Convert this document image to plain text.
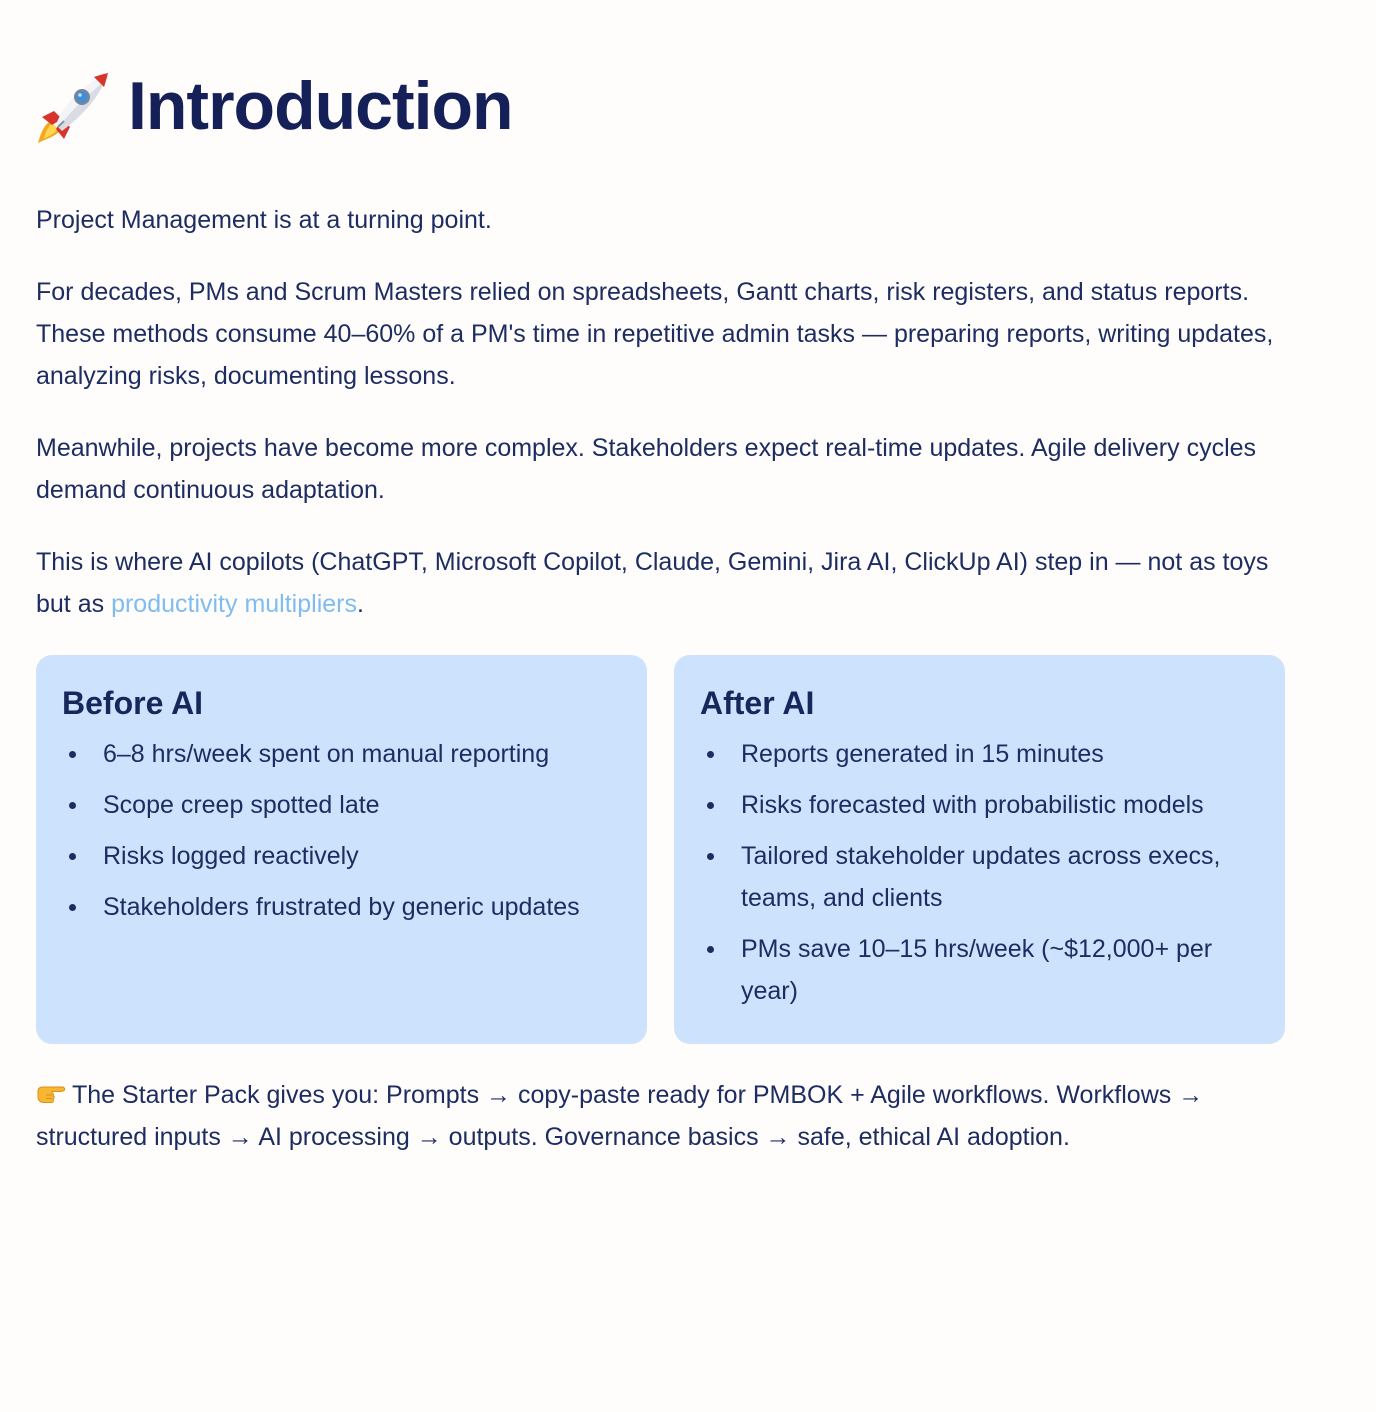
Introduction

Project Management is at a turning point.

For decades, PMs and Scrum Masters relied on spreadsheets, Gantt charts, risk registers, and status reports. These methods consume 40–60% of a PM's time in repetitive admin tasks — preparing reports, writing updates, analyzing risks, documenting lessons.

Meanwhile, projects have become more complex. Stakeholders expect real-time updates. Agile delivery cycles demand continuous adaptation.

This is where AI copilots (ChatGPT, Microsoft Copilot, Claude, Gemini, Jira AI, ClickUp AI) step in — not as toys but as productivity multipliers.

Before AI
6–8 hrs/week spent on manual reporting
Scope creep spotted late
Risks logged reactively
Stakeholders frustrated by generic updates
After AI
Reports generated in 15 minutes
Risks forecasted with probabilistic models
Tailored stakeholder updates across execs, teams, and clients
PMs save 10–15 hrs/week (~$12,000+ per year)

The Starter Pack gives you: Prompts → copy-paste ready for PMBOK + Agile workflows. Workflows → structured inputs → AI processing → outputs. Governance basics → safe, ethical AI adoption.
